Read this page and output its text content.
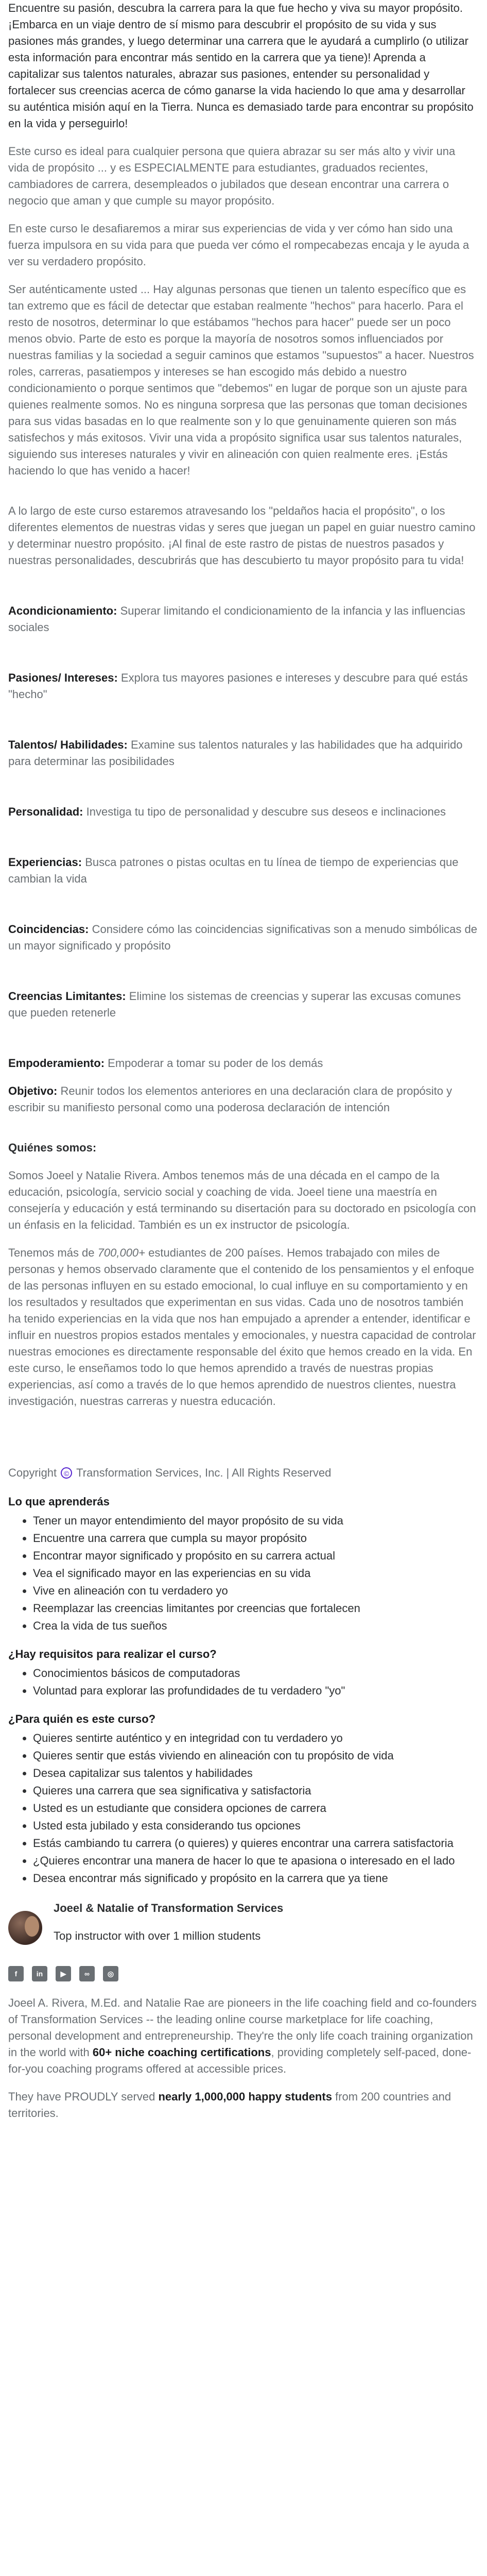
Encuentre su pasión, descubra la carrera para la que fue hecho y viva su mayor propósito. ¡Embarca en un viaje dentro de sí mismo para descubrir el propósito de su vida y sus pasiones más grandes, y luego determinar una carrera que le ayudará a cumplirlo (o utilizar esta información para encontrar más sentido en la carrera que ya tiene)! Aprenda a capitalizar sus talentos naturales, abrazar sus pasiones, entender su personalidad y fortalecer sus creencias acerca de cómo ganarse la vida haciendo lo que ama y desarrollar su auténtica misión aquí en la Tierra. Nunca es demasiado tarde para encontrar su propósito en la vida y perseguirlo!

Este curso es ideal para cualquier persona que quiera abrazar su ser más alto y vivir una vida de propósito ... y es ESPECIALMENTE para estudiantes, graduados recientes, cambiadores de carrera, desempleados o jubilados que desean encontrar una carrera o negocio que aman y que cumple su mayor propósito.

En este curso le desafiaremos a mirar sus experiencias de vida y ver cómo han sido una fuerza impulsora en su vida para que pueda ver cómo el rompecabezas encaja y le ayuda a ver su verdadero propósito.

Ser auténticamente usted ... Hay algunas personas que tienen un talento específico que es tan extremo que es fácil de detectar que estaban realmente "hechos" para hacerlo. Para el resto de nosotros, determinar lo que estábamos "hechos para hacer" puede ser un poco menos obvio. Parte de esto es porque la mayoría de nosotros somos influenciados por nuestras familias y la sociedad a seguir caminos que estamos "supuestos" a hacer. Nuestros roles, carreras, pasatiempos y intereses se han escogido más debido a nuestro condicionamiento o porque sentimos que "debemos" en lugar de porque son un ajuste para quienes realmente somos. No es ninguna sorpresa que las personas que toman decisiones para sus vidas basadas en lo que realmente son y lo que genuinamente quieren son más satisfechos y más exitosos. Vivir una vida a propósito significa usar sus talentos naturales, siguiendo sus intereses naturales y vivir en alineación con quien realmente eres. ¡Estás haciendo lo que has venido a hacer!

A lo largo de este curso estaremos atravesando los "peldaños hacia el propósito", o los diferentes elementos de nuestras vidas y seres que juegan un papel en guiar nuestro camino y determinar nuestro propósito. ¡Al final de este rastro de pistas de nuestros pasados y nuestras personalidades, descubrirás que has descubierto tu mayor propósito para tu vida!

Acondicionamiento: Superar limitando el condicionamiento de la infancia y las influencias sociales

Pasiones/ Intereses: Explora tus mayores pasiones e intereses y descubre para qué estás "hecho"

Talentos/ Habilidades: Examine sus talentos naturales y las habilidades que ha adquirido para determinar las posibilidades

Personalidad: Investiga tu tipo de personalidad y descubre sus deseos e inclinaciones

Experiencias: Busca patrones o pistas ocultas en tu línea de tiempo de experiencias que cambian la vida

Coincidencias: Considere cómo las coincidencias significativas son a menudo simbólicas de un mayor significado y propósito

Creencias Limitantes: Elimine los sistemas de creencias y superar las excusas comunes que pueden retenerle

Empoderamiento: Empoderar a tomar su poder de los demás

Objetivo: Reunir todos los elementos anteriores en una declaración clara de propósito y escribir su manifiesto personal como una poderosa declaración de intención

Quiénes somos:

Somos Joeel y Natalie Rivera. Ambos tenemos más de una década en el campo de la educación, psicología, servicio social y coaching de vida. Joeel tiene una maestría en consejería y educación y está terminando su disertación para su doctorado en psicología con un énfasis en la felicidad. También es un ex instructor de psicología.

Tenemos más de 700,000+ estudiantes de 200 países. Hemos trabajado con miles de personas y hemos observado claramente que el contenido de los pensamientos y el enfoque de las personas influyen en su estado emocional, lo cual influye en su comportamiento y en los resultados y resultados que experimentan en sus vidas. Cada uno de nosotros también ha tenido experiencias en la vida que nos han empujado a aprender a entender, identificar e influir en nuestros propios estados mentales y emocionales, y nuestra capacidad de controlar nuestras emociones es directamente responsable del éxito que hemos creado en la vida. En este curso, le enseñamos todo lo que hemos aprendido a través de nuestras propias experiencias, así como a través de lo que hemos aprendido de nuestros clientes, nuestra investigación, nuestras carreras y nuestra educación.

Copyright © Transformation Services, Inc. | All Rights Reserved
Lo que aprenderás
• Tener un mayor entendimiento del mayor propósito de su vida
• Encuentre una carrera que cumpla su mayor propósito
• Encontrar mayor significado y propósito en su carrera actual
• Vea el significado mayor en las experiencias en su vida
• Vive en alineación con tu verdadero yo
• Reemplazar las creencias limitantes por creencias que fortalecen
• Crea la vida de tus sueños
¿Hay requisitos para realizar el curso?
• Conocimientos básicos de computadoras
• Voluntad para explorar las profundidades de tu verdadero "yo"
¿Para quién es este curso?
• Quieres sentirte auténtico y en integridad con tu verdadero yo
• Quieres sentir que estás viviendo en alineación con tu propósito de vida
• Desea capitalizar sus talentos y habilidades
• Quieres una carrera que sea significativa y satisfactoria
• Usted es un estudiante que considera opciones de carrera
• Usted esta jubilado y esta considerando tus opciones
• Estás cambiando tu carrera (o quieres) y quieres encontrar una carrera satisfactoria
• ¿Quieres encontrar una manera de hacer lo que te apasiona o interesado en el lado
• Desea encontrar más significado y propósito en la carrera que ya tiene

Joeel & Natalie of Transformation Services

Top instructor with over 1 million students

f	in	▶	∞	◎

Joeel A. Rivera, M.Ed. and Natalie Rae are pioneers in the life coaching field and co-founders of Transformation Services -- the leading online course marketplace for life coaching, personal development and entrepreneurship. They're the only life coach training organization in the world with 60+ niche coaching certifications, providing completely self-paced, done-for-you coaching programs offered at accessible prices.

They have PROUDLY served nearly 1,000,000 happy students from 200 countries and territories.
